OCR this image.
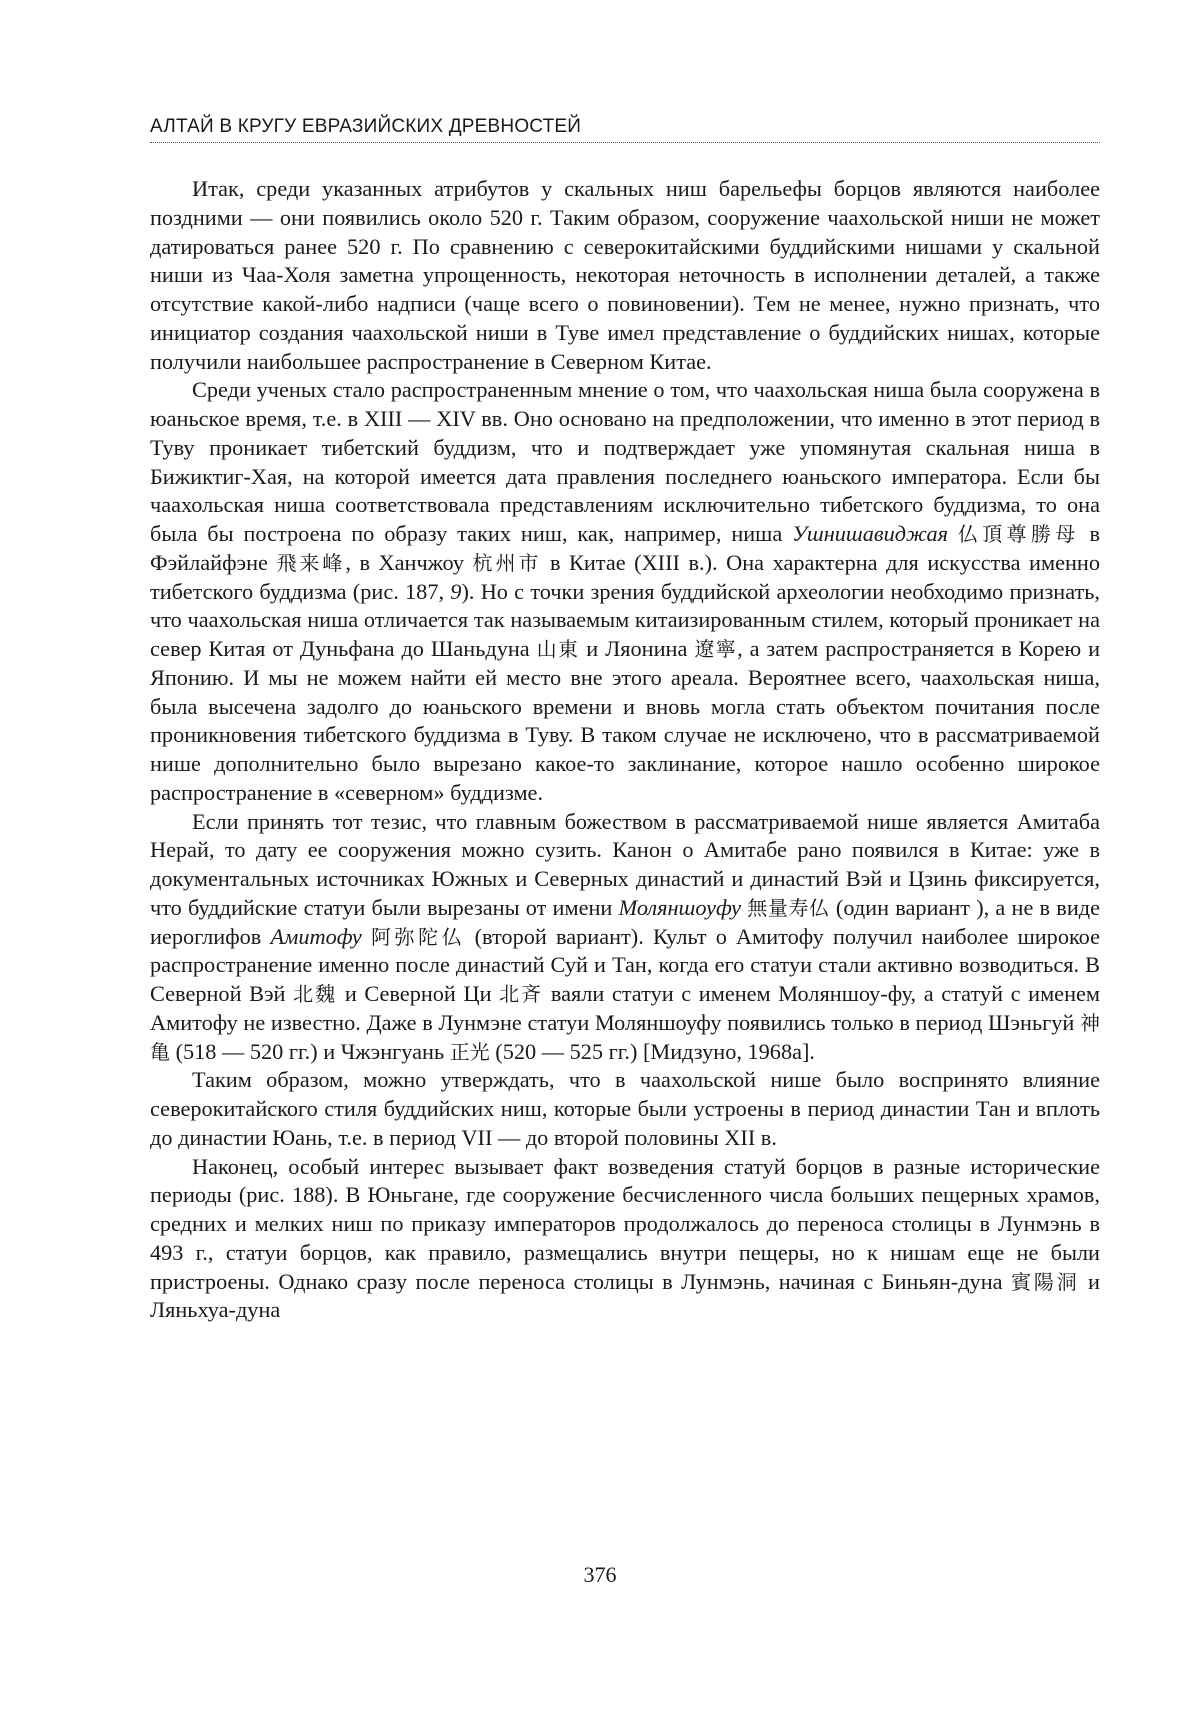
АЛТАЙ В КРУГУ ЕВРАЗИЙСКИХ ДРЕВНОСТЕЙ

Итак, среди указанных атрибутов у скальных ниш барельефы борцов являются наиболее поздними — они появились около 520 г. Таким образом, сооружение чаахольской ниши не может датироваться ранее 520 г. По сравнению с северокитайскими буддийскими нишами у скальной ниши из Чаа-Холя заметна упрощенность, некоторая неточность в исполнении деталей, а также отсутствие какой-либо надписи (чаще всего о повиновении). Тем не менее, нужно признать, что инициатор создания чаахольской ниши в Туве имел представление о буддийских нишах, которые получили наибольшее распространение в Северном Китае.

Среди ученых стало распространенным мнение о том, что чаахольская ниша была сооружена в юаньское время, т.е. в XIII — XIV вв. Оно основано на предположении, что именно в этот период в Туву проникает тибетский буддизм, что и подтверждает уже упомянутая скальная ниша в Бижиктиг-Хая, на которой имеется дата правления последнего юаньского императора. Если бы чаахольская ниша соответствовала представлениям исключительно тибетского буддизма, то она была бы построена по образу таких ниш, как, например, ниша Ушнишавиджая 仏頂尊勝母 в Фэйлайфэне 飛来峰, в Ханчжоу 杭州市 в Китае (XIII в.). Она характерна для искусства именно тибетского буддизма (рис. 187, 9). Но с точки зрения буддийской археологии необходимо признать, что чаахольская ниша отличается так называемым китаизированным стилем, который проникает на север Китая от Дуньфана до Шаньдуна 山東 и Ляонина 遼寧, а затем распространяется в Корею и Японию. И мы не можем найти ей место вне этого ареала. Вероятнее всего, чаахольская ниша, была высечена задолго до юаньского времени и вновь могла стать объектом почитания после проникновения тибетского буддизма в Туву. В таком случае не исключено, что в рассматриваемой нише дополнительно было вырезано какое-то заклинание, которое нашло особенно широкое распространение в «северном» буддизме.

Если принять тот тезис, что главным божеством в рассматриваемой нише является Амитаба Нерай, то дату ее сооружения можно сузить. Канон о Амитабе рано появился в Китае: уже в документальных источниках Южных и Северных династий и династий Вэй и Цзинь фиксируется, что буддийские статуи были вырезаны от имени Моляншоуфу 無量寿仏 (один вариант ), а не в виде иероглифов Амитофу 阿弥陀仏 (второй вариант). Культ о Амитофу получил наиболее широкое распространение именно после династий Суй и Тан, когда его статуи стали активно возводиться. В Северной Вэй 北魏 и Северной Ци 北斉 ваяли статуи с именем Моляншоу-фу, а статуй с именем Амитофу не известно. Даже в Лунмэне статуи Моляншоуфу появились только в период Шэньгуй 神亀 (518 — 520 гг.) и Чжэнгуань 正光 (520 — 525 гг.) [Мидзуно, 1968а].

Таким образом, можно утверждать, что в чаахольской нише было воспринято влияние северокитайского стиля буддийских ниш, которые были устроены в период династии Тан и вплоть до династии Юань, т.е. в период VII — до второй половины XII в.

Наконец, особый интерес вызывает факт возведения статуй борцов в разные исторические периоды (рис. 188). В Юньгане, где сооружение бесчисленного числа больших пещерных храмов, средних и мелких ниш по приказу императоров продолжалось до переноса столицы в Лунмэнь в 493 г., статуи борцов, как правило, размещались внутри пещеры, но к нишам еще не были пристроены. Однако сразу после переноса столицы в Лунмэнь, начиная с Биньян-дуна 賓陽洞 и Ляньхуа-дуна

376
